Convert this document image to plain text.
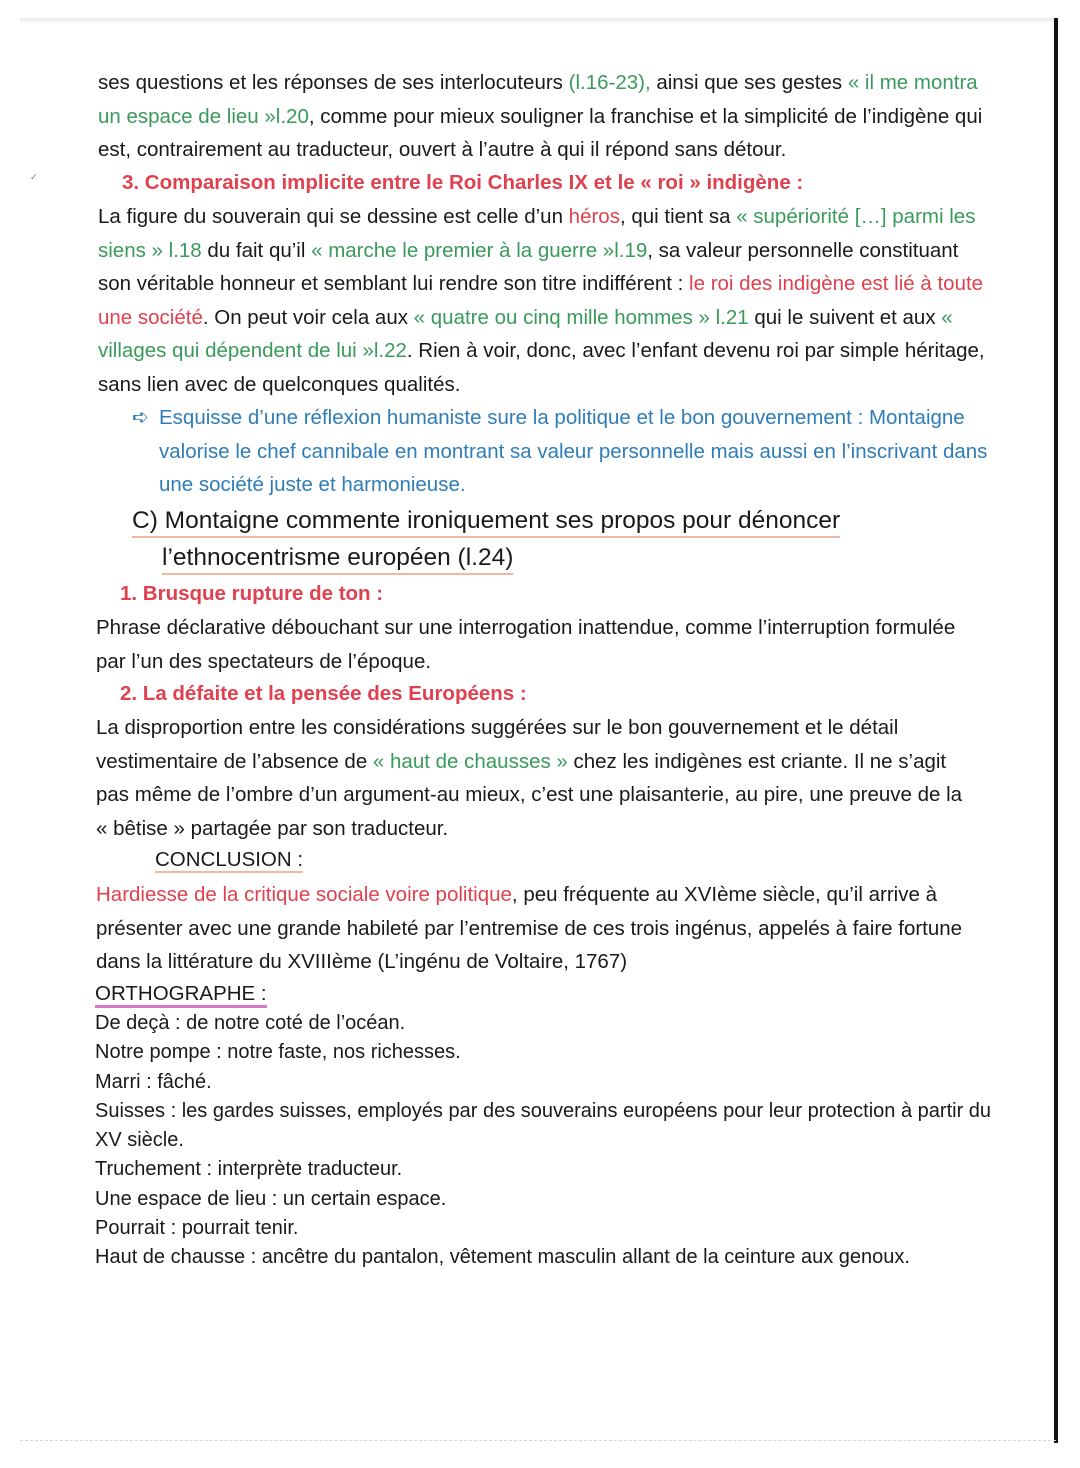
✓

ses questions et les réponses de ses interlocuteurs (l.16-23), ainsi que ses gestes « il me montra un espace de lieu »l.20, comme pour mieux souligner la franchise et la simplicité de l’indigène qui est, contrairement au traducteur, ouvert à l’autre à qui il répond sans détour.

3. Comparaison implicite entre le Roi Charles IX et le « roi » indigène :

La figure du souverain qui se dessine est celle d’un héros, qui tient sa « supériorité […] parmi les siens » l.18 du fait qu’il « marche le premier à la guerre »l.19, sa valeur personnelle constituant son véritable honneur et semblant lui rendre son titre indifférent : le roi des indigène est lié à toute une société. On peut voir cela aux « quatre ou cinq mille hommes » l.21 qui le suivent et aux « villages qui dépendent de lui »l.22. Rien à voir, donc, avec l’enfant devenu roi par simple héritage, sans lien avec de quelconques qualités.

➪ Esquisse d’une réflexion humaniste sure la politique et le bon gouvernement : Montaigne valorise le chef cannibale en montrant sa valeur personnelle mais aussi en l’inscrivant dans une société juste et harmonieuse.

C) Montaigne commente ironiquement ses propos pour dénoncer
l’ethnocentrisme européen (l.24)
1. Brusque rupture de ton :

Phrase déclarative débouchant sur une interrogation inattendue, comme l’interruption formulée par l’un des spectateurs de l’époque.

2. La défaite et la pensée des Européens :

La disproportion entre les considérations suggérées sur le bon gouvernement et le détail vestimentaire de l’absence de « haut de chausses » chez les indigènes est criante. Il ne s’agit pas même de l’ombre d’un argument-au mieux, c’est une plaisanterie, au pire, une preuve de la « bêtise » partagée par son traducteur.

CONCLUSION :

Hardiesse de la critique sociale voire politique, peu fréquente au XVIème siècle, qu’il arrive à présenter avec une grande habileté par l’entremise de ces trois ingénus, appelés à faire fortune dans la littérature du XVIIIème (L’ingénu de Voltaire, 1767)

ORTHOGRAPHE :
De deçà : de notre coté de l’océan.
Notre pompe : notre faste, nos richesses.
Marri : fâché.
Suisses : les gardes suisses, employés par des souverains européens pour leur protection à partir du XV siècle.
Truchement : interprète traducteur.
Une espace de lieu : un certain espace.
Pourrait : pourrait tenir.
Haut de chausse : ancêtre du pantalon, vêtement masculin allant de la ceinture aux genoux.
